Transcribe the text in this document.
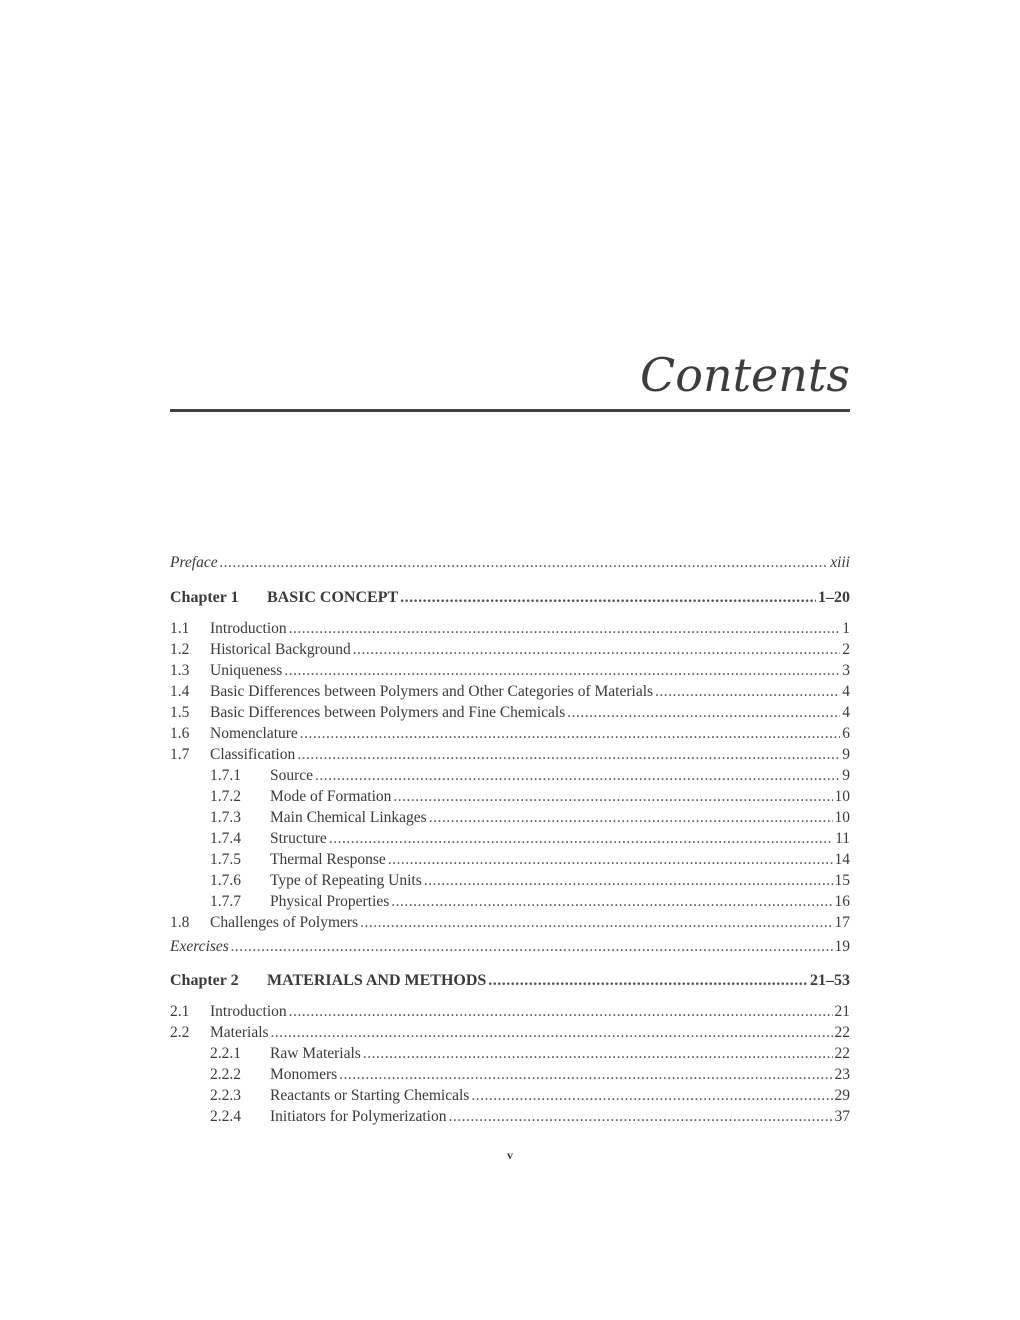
Contents
Preface .....	xiii
Chapter 1	BASIC CONCEPT .....	1–20
1.1	Introduction .....	1
1.2	Historical Background .....	2
1.3	Uniqueness .....	3
1.4	Basic Differences between Polymers and Other Categories of Materials .....	4
1.5	Basic Differences between Polymers and Fine Chemicals .....	4
1.6	Nomenclature .....	6
1.7	Classification .....	9
1.7.1	Source .....	9
1.7.2	Mode of Formation .....	10
1.7.3	Main Chemical Linkages .....	10
1.7.4	Structure .....	11
1.7.5	Thermal Response .....	14
1.7.6	Type of Repeating Units .....	15
1.7.7	Physical Properties .....	16
1.8	Challenges of Polymers .....	17
Exercises .....	19
Chapter 2	MATERIALS AND METHODS .....	21–53
2.1	Introduction .....	21
2.2	Materials .....	22
2.2.1	Raw Materials .....	22
2.2.2	Monomers .....	23
2.2.3	Reactants or Starting Chemicals .....	29
2.2.4	Initiators for Polymerization .....	37
v
